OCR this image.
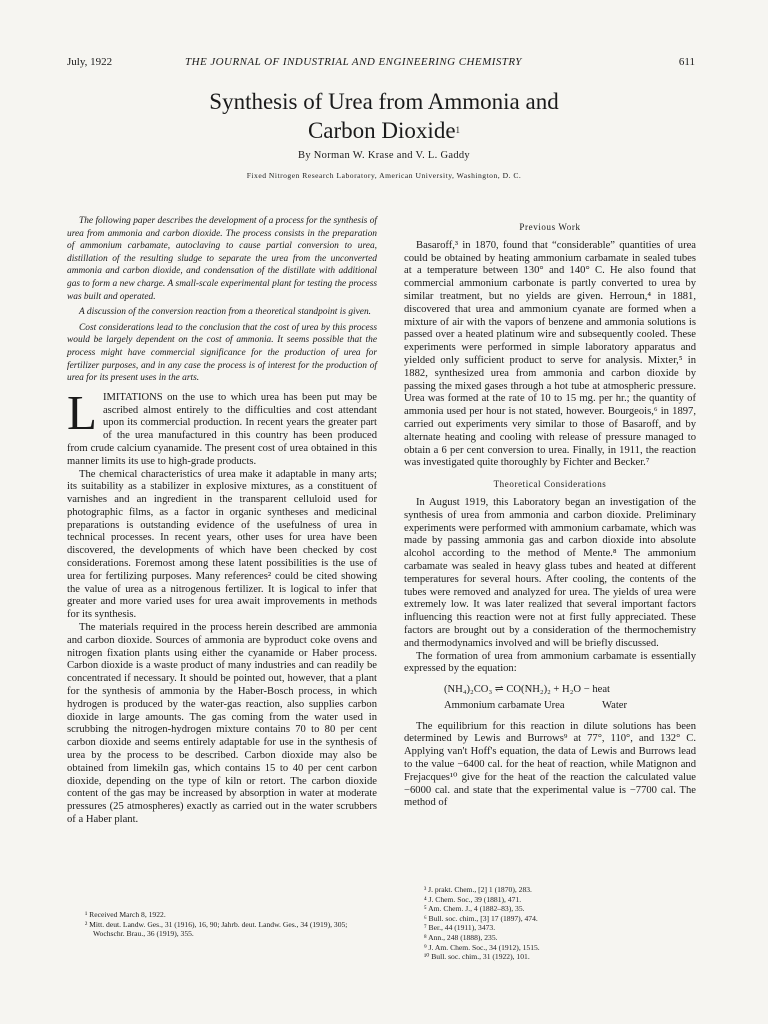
July, 1922	THE JOURNAL OF INDUSTRIAL AND ENGINEERING CHEMISTRY	611
Synthesis of Urea from Ammonia and
Carbon Dioxide$^1$
By Norman W. Krase and V. L. Gaddy
Fixed Nitrogen Research Laboratory, American University, Washington, D. C.

The following paper describes the development of a process for the synthesis of urea from ammonia and carbon dioxide. The process consists in the preparation of ammonium carbamate, autoclaving to cause partial conversion to urea, distillation of the resulting sludge to separate the urea from the unconverted ammonia and carbon dioxide, and condensation of the distillate with additional gas to form a new charge. A small-scale experimental plant for testing the process was built and operated.

A discussion of the conversion reaction from a theoretical standpoint is given.

Cost considerations lead to the conclusion that the cost of urea by this process would be largely dependent on the cost of ammonia. It seems possible that the process might have commercial significance for the production of urea for fertilizer purposes, and in any case the process is of interest for the production of urea for its present uses in the arts.

LIMITATIONS on the use to which urea has been put may be ascribed almost entirely to the difficulties and cost attendant upon its commercial production. In recent years the greater part of the urea manufactured in this country has been produced from crude calcium cyanamide. The present cost of urea obtained in this manner limits its use to high-grade products.

The chemical characteristics of urea make it adaptable in many arts; its suitability as a stabilizer in explosive mixtures, as a constituent of varnishes and an ingredient in the transparent celluloid used for photographic films, as a factor in organic syntheses and medicinal preparations is outstanding evidence of the usefulness of urea in technical processes. In recent years, other uses for urea have been discovered, the developments of which have been checked by cost considerations. Foremost among these latent possibilities is the use of urea for fertilizing purposes. Many references² could be cited showing the value of urea as a nitrogenous fertilizer. It is logical to infer that greater and more varied uses for urea await improvements in methods for its synthesis.

The materials required in the process herein described are ammonia and carbon dioxide. Sources of ammonia are byproduct coke ovens and nitrogen fixation plants using either the cyanamide or Haber process. Carbon dioxide is a waste product of many industries and can readily be concentrated if necessary. It should be pointed out, however, that a plant for the synthesis of ammonia by the Haber-Bosch process, in which hydrogen is produced by the water-gas reaction, also supplies carbon dioxide in large amounts. The gas coming from the water used in scrubbing the nitrogen-hydrogen mixture contains 70 to 80 per cent carbon dioxide and seems entirely adaptable for use in the synthesis of urea by the process to be described. Carbon dioxide may also be obtained from limekiln gas, which contains 15 to 40 per cent carbon dioxide, depending on the type of kiln or retort. The carbon dioxide content of the gas may be increased by absorption in water at moderate pressures (25 atmospheres) exactly as carried out in the water scrubbers of a Haber plant.

¹ Received March 8, 1922.
² Mitt. deut. Landw. Ges., 31 (1916), 16, 90; Jahrb. deut. Landw. Ges., 34 (1919), 305; Wochschr. Brau., 36 (1919), 355.
Previous Work

Basaroff,³ in 1870, found that “considerable” quantities of urea could be obtained by heating ammonium carbamate in sealed tubes at a temperature between 130° and 140° C. He also found that commercial ammonium carbonate is partly converted to urea by similar treatment, but no yields are given. Herroun,⁴ in 1881, discovered that urea and ammonium cyanate are formed when a mixture of air with the vapors of benzene and ammonia solutions is passed over a heated platinum wire and subsequently cooled. These experiments were performed in simple laboratory apparatus and yielded only sufficient product to serve for analysis. Mixter,⁵ in 1882, synthesized urea from ammonia and carbon dioxide by passing the mixed gases through a hot tube at atmospheric pressure. Urea was formed at the rate of 10 to 15 mg. per hr.; the quantity of ammonia used per hour is not stated, however. Bourgeois,⁶ in 1897, carried out experiments very similar to those of Basaroff, and by alternate heating and cooling with release of pressure managed to obtain a 6 per cent conversion to urea. Finally, in 1911, the reaction was investigated quite thoroughly by Fichter and Becker.⁷

Theoretical Considerations

In August 1919, this Laboratory began an investigation of the synthesis of urea from ammonia and carbon dioxide. Preliminary experiments were performed with ammonium carbamate, which was made by passing ammonia gas and carbon dioxide into absolute alcohol according to the method of Mente.⁸ The ammonium carbamate was sealed in heavy glass tubes and heated at different temperatures for several hours. After cooling, the contents of the tubes were removed and analyzed for urea. The yields of urea were extremely low. It was later realized that several important factors influencing this reaction were not at first fully appreciated. These factors are brought out by a consideration of the thermochemistry and thermodynamics involved and will be briefly discussed.

The formation of urea from ammonium carbamate is essentially expressed by the equation:

(NH₄)₂CO₃ ⇌ CO(NH₂)₂ + H₂O − heat
Ammonium carbamate Urea	Water

The equilibrium for this reaction in dilute solutions has been determined by Lewis and Burrows⁹ at 77°, 110°, and 132° C. Applying van't Hoff's equation, the data of Lewis and Burrows lead to the value −6400 cal. for the heat of reaction, while Matignon and Frejacques¹⁰ give for the heat of the reaction the calculated value −6000 cal. and state that the experimental value is −7700 cal. The method of

³ J. prakt. Chem., [2] 1 (1870), 283.
⁴ J. Chem. Soc., 39 (1881), 471.
⁵ Am. Chem. J., 4 (1882–83), 35.
⁶ Bull. soc. chim., [3] 17 (1897), 474.
⁷ Ber., 44 (1911), 3473.
⁸ Ann., 248 (1888), 235.
⁹ J. Am. Chem. Soc., 34 (1912), 1515.
¹⁰ Bull. soc. chim., 31 (1922), 101.
